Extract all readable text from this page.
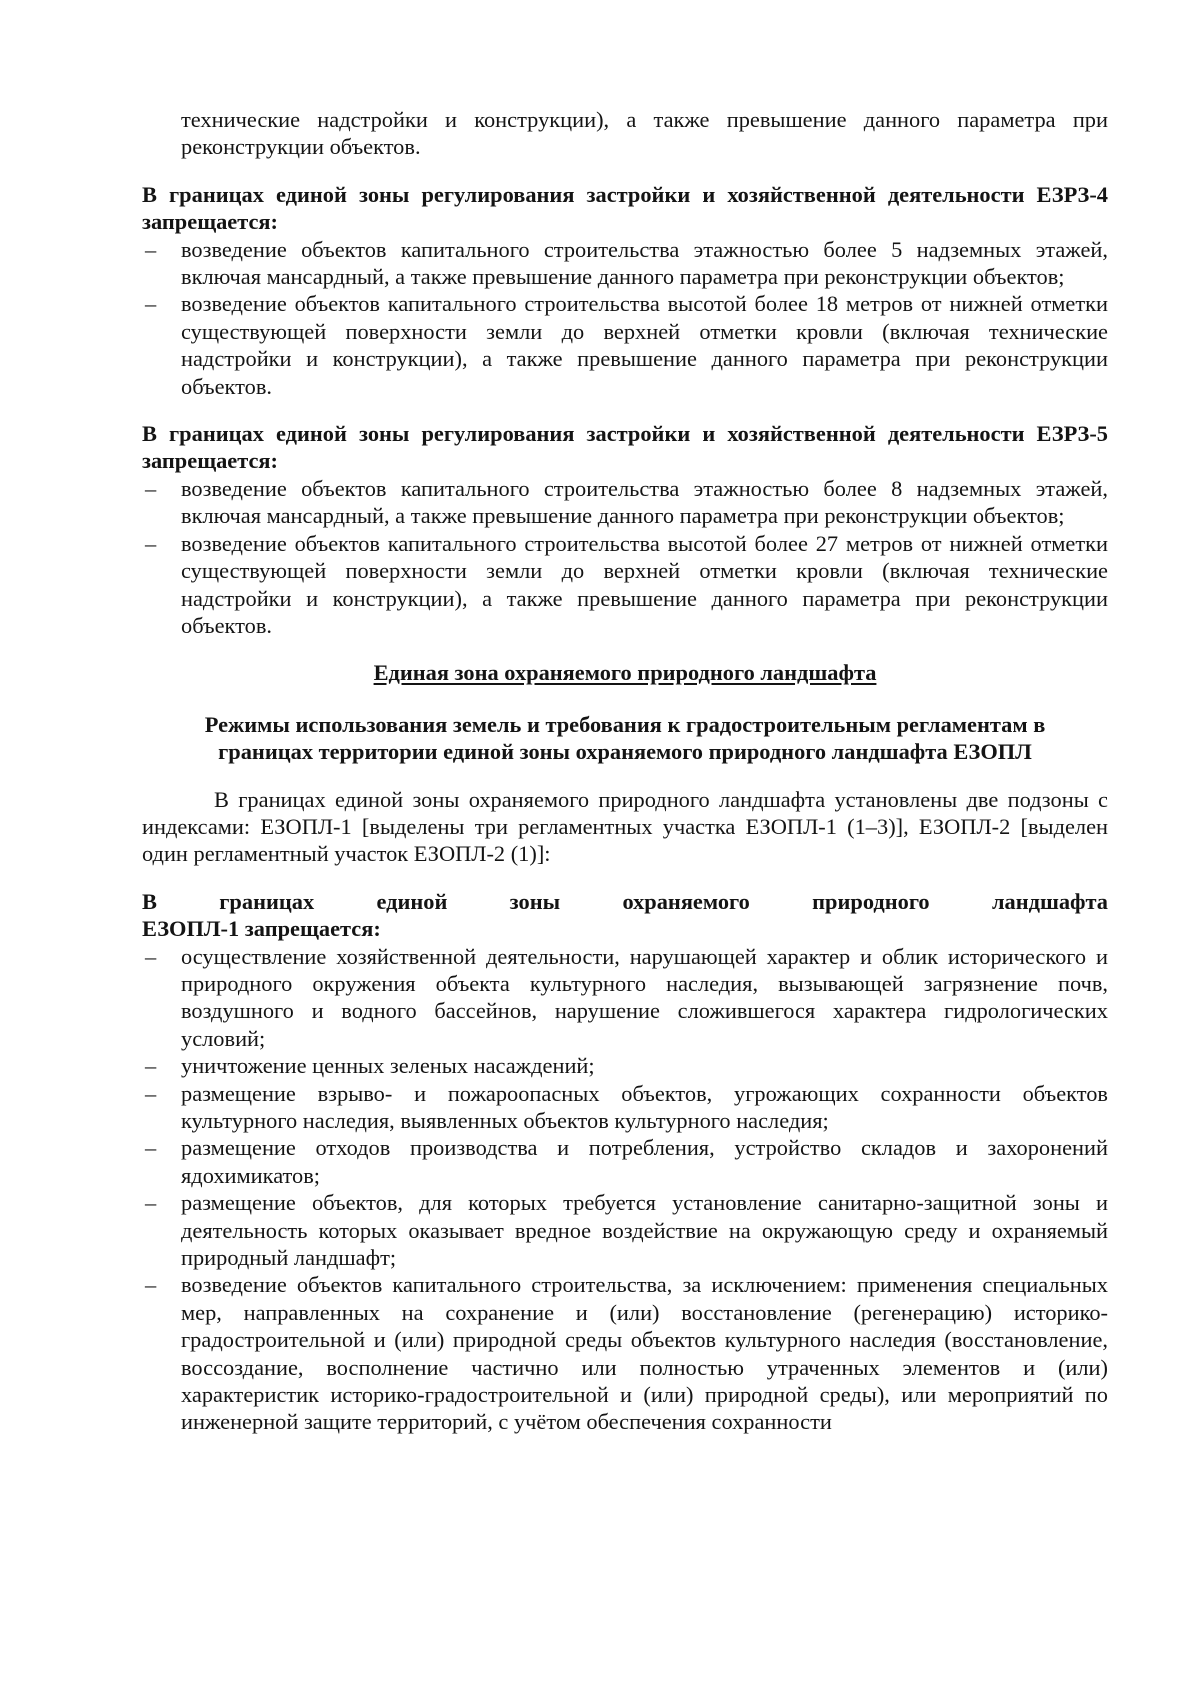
технические надстройки и конструкции), а также превышение данного параметра при реконструкции объектов.

В границах единой зоны регулирования застройки и хозяйственной деятельности ЕЗРЗ-4 запрещается:

– возведение объектов капитального строительства этажностью более 5 надземных этажей, включая мансардный, а также превышение данного параметра при реконструкции объектов;
– возведение объектов капитального строительства высотой более 18 метров от нижней отметки существующей поверхности земли до верхней отметки кровли (включая технические надстройки и конструкции), а также превышение данного параметра при реконструкции объектов.

В границах единой зоны регулирования застройки и хозяйственной деятельности ЕЗРЗ-5 запрещается:

– возведение объектов капитального строительства этажностью более 8 надземных этажей, включая мансардный, а также превышение данного параметра при реконструкции объектов;
– возведение объектов капитального строительства высотой более 27 метров от нижней отметки существующей поверхности земли до верхней отметки кровли (включая технические надстройки и конструкции), а также превышение данного параметра при реконструкции объектов.

Единая зона охраняемого природного ландшафта

Режимы использования земель и требования к градостроительным регламентам в

границах территории единой зоны охраняемого природного ландшафта ЕЗОПЛ

В границах единой зоны охраняемого природного ландшафта установлены две подзоны с индексами: ЕЗОПЛ-1 [выделены три регламентных участка ЕЗОПЛ-1 (1–3)], ЕЗОПЛ-2 [выделен один регламентный участок ЕЗОПЛ-2 (1)]:

В	границах	единой	зоны	охраняемого	природного	ландшафта

ЕЗОПЛ-1 запрещается:

– осуществление хозяйственной деятельности, нарушающей характер и облик исторического и природного окружения объекта культурного наследия, вызывающей загрязнение почв, воздушного и водного бассейнов, нарушение сложившегося характера гидрологических условий;
– уничтожение ценных зеленых насаждений;
– размещение взрыво- и пожароопасных объектов, угрожающих сохранности объектов культурного наследия, выявленных объектов культурного наследия;
– размещение отходов производства и потребления, устройство складов и захоронений ядохимикатов;
– размещение объектов, для которых требуется установление санитарно-защитной зоны и деятельность которых оказывает вредное воздействие на окружающую среду и охраняемый природный ландшафт;
– возведение объектов капитального строительства, за исключением: применения специальных мер, направленных на сохранение и (или) восстановление (регенерацию) историко-градостроительной и (или) природной среды объектов культурного наследия (восстановление, воссоздание, восполнение частично или полностью утраченных элементов и (или) характеристик историко-градостроительной и (или) природной среды), или мероприятий по инженерной защите территорий, с учётом обеспечения сохранности
